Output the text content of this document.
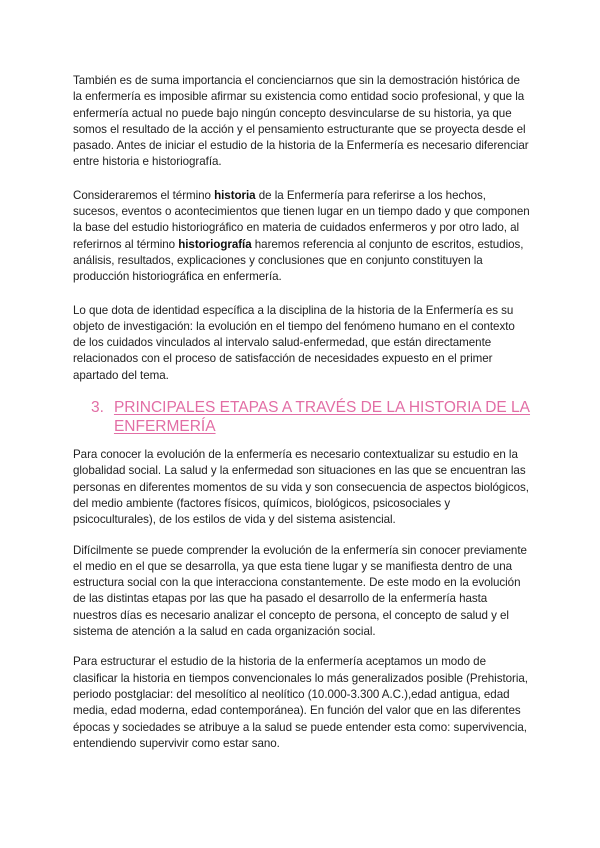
También es de suma importancia el concienciarnos que sin la demostración histórica de la enfermería es imposible afirmar su existencia como entidad socio profesional, y que la enfermería actual no puede bajo ningún concepto desvincularse de su historia, ya que somos el resultado de la acción y el pensamiento estructurante que se proyecta desde el pasado. Antes de iniciar el estudio de la historia de la Enfermería es necesario diferenciar entre historia e historiografía.

Consideraremos el término historia de la Enfermería para referirse a los hechos, sucesos, eventos o acontecimientos que tienen lugar en un tiempo dado y que componen la base del estudio historiográfico en materia de cuidados enfermeros y por otro lado, al referirnos al término historiografía haremos referencia al conjunto de escritos, estudios, análisis, resultados, explicaciones y conclusiones que en conjunto constituyen la producción historiográfica en enfermería.

Lo que dota de identidad específica a la disciplina de la historia de la Enfermería es su objeto de investigación: la evolución en el tiempo del fenómeno humano en el contexto de los cuidados vinculados al intervalo salud-enfermedad, que están directamente relacionados con el proceso de satisfacción de necesidades expuesto en el primer apartado del tema.

3. PRINCIPALES ETAPAS A TRAVÉS DE LA HISTORIA DE LA ENFERMERÍA

Para conocer la evolución de la enfermería es necesario contextualizar su estudio en la globalidad social. La salud y la enfermedad son situaciones en las que se encuentran las personas en diferentes momentos de su vida y son consecuencia de aspectos biológicos, del medio ambiente (factores físicos, químicos, biológicos, psicosociales y psicoculturales), de los estilos de vida y del sistema asistencial.

Difícilmente se puede comprender la evolución de la enfermería sin conocer previamente el medio en el que se desarrolla, ya que esta tiene lugar y se manifiesta dentro de una estructura social con la que interacciona constantemente. De este modo en la evolución de las distintas etapas por las que ha pasado el desarrollo de la enfermería hasta nuestros días es necesario analizar el concepto de persona, el concepto de salud y el sistema de atención a la salud en cada organización social.

Para estructurar el estudio de la historia de la enfermería aceptamos un modo de clasificar la historia en tiempos convencionales lo más generalizados posible (Prehistoria, periodo postglaciar: del mesolítico al neolítico (10.000-3.300 A.C.),edad antigua, edad media, edad moderna, edad contemporánea). En función del valor que en las diferentes épocas y sociedades se atribuye a la salud se puede entender esta como: supervivencia, entendiendo supervivir como estar sano.
